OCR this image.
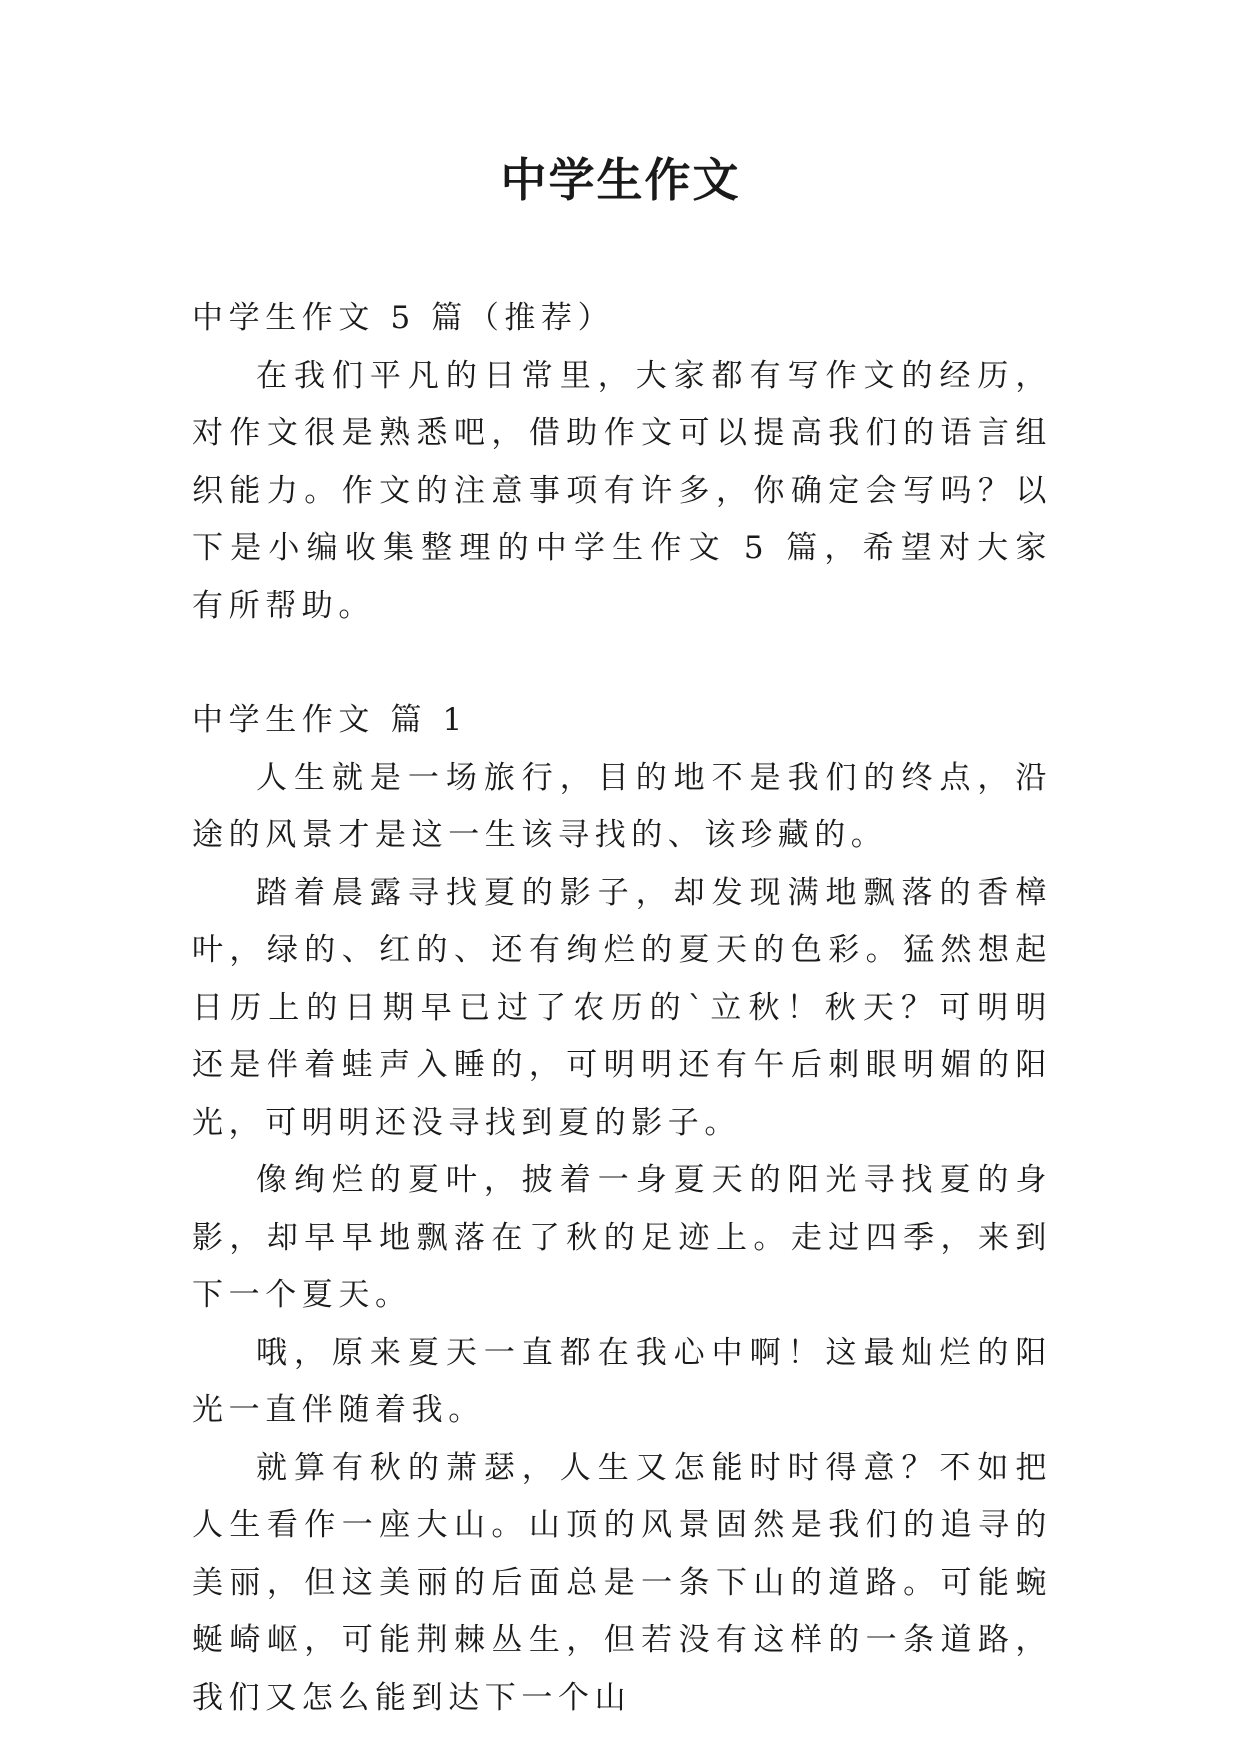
中学生作文

中学生作文 5 篇（推荐）

在我们平凡的日常里，大家都有写作文的经历，对作文很是熟悉吧，借助作文可以提高我们的语言组织能力。作文的注意事项有许多，你确定会写吗？以下是小编收集整理的中学生作文 5 篇，希望对大家有所帮助。

中学生作文 篇 1

人生就是一场旅行，目的地不是我们的终点，沿途的风景才是这一生该寻找的、该珍藏的。

踏着晨露寻找夏的影子，却发现满地飘落的香樟叶，绿的、红的、还有绚烂的夏天的色彩。猛然想起日历上的日期早已过了农历的`立秋！秋天？可明明还是伴着蛙声入睡的，可明明还有午后刺眼明媚的阳光，可明明还没寻找到夏的影子。

像绚烂的夏叶，披着一身夏天的阳光寻找夏的身影，却早早地飘落在了秋的足迹上。走过四季，来到下一个夏天。

哦，原来夏天一直都在我心中啊！这最灿烂的阳光一直伴随着我。

就算有秋的萧瑟，人生又怎能时时得意？不如把人生看作一座大山。山顶的风景固然是我们的追寻的美丽，但这美丽的后面总是一条下山的道路。可能蜿蜒崎岖，可能荆棘丛生，但若没有这样的一条道路，我们又怎么能到达下一个山
